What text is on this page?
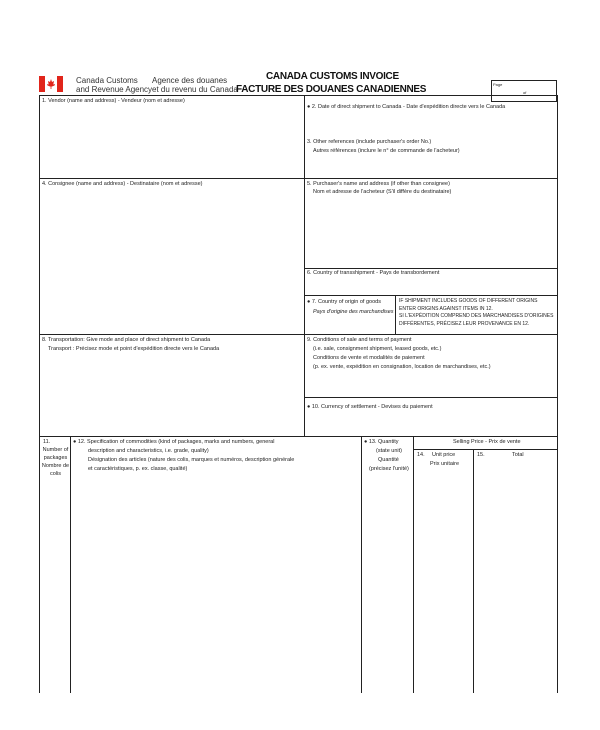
Canada Customs
and Revenue Agency
Agence des douanes
et du revenu du Canada
CANADA CUSTOMS INVOICE
FACTURE DES DOUANES CANADIENNES	Page
of
1. Vendor (name and address) - Vendeur (nom et adresse)
● 2. Date of direct shipment to Canada - Date d'expédition directe vers le Canada
3. Other references (include purchaser's order No.)
Autres références (inclure le n° de commande de l'acheteur)
4. Consignee (name and address) - Destinataire (nom et adresse)	5. Purchaser's name and address (if other than consignee)
Nom et adresse de l'acheteur (S'il diffère du destinataire)
6. Country of transshipment - Pays de transbordement
● 7. Country of origin of goods
Pays d'origine des marchandises
IF SHIPMENT INCLUDES GOODS OF DIFFERENT ORIGINS
ENTER ORIGINS AGAINST ITEMS IN 12.
SI L'EXPÉDITION COMPREND DES MARCHANDISES D'ORIGINES
DIFFÉRENTES, PRÉCISEZ LEUR PROVENANCE EN 12.
8. Transportation: Give mode and place of direct shipment to Canada
Transport : Précisez mode et point d'expédition directe vers le Canada
9. Conditions of sale and terms of payment
(i.e. sale, consignment shipment, leased goods, etc.)
Conditions de vente et modalités de paiement
(p. ex. vente, expédition en consignation, location de marchandises, etc.)
● 10. Currency of settlement - Devises du paiement
11.
Number of
packages
Nombre de
colis
● 12. Specification of commodities (kind of packages, marks and numbers, general
description and characteristics, i.e. grade, quality)
Désignation des articles (nature des colis, marques et numéros, description générale
et caractéristiques, p. ex. classe, qualité)
● 13. Quantity
(state unit)
Quantité
(précisez l'unité)
Selling Price - Prix de vente
14. Unit price
Prix unitaire
15.	Total
